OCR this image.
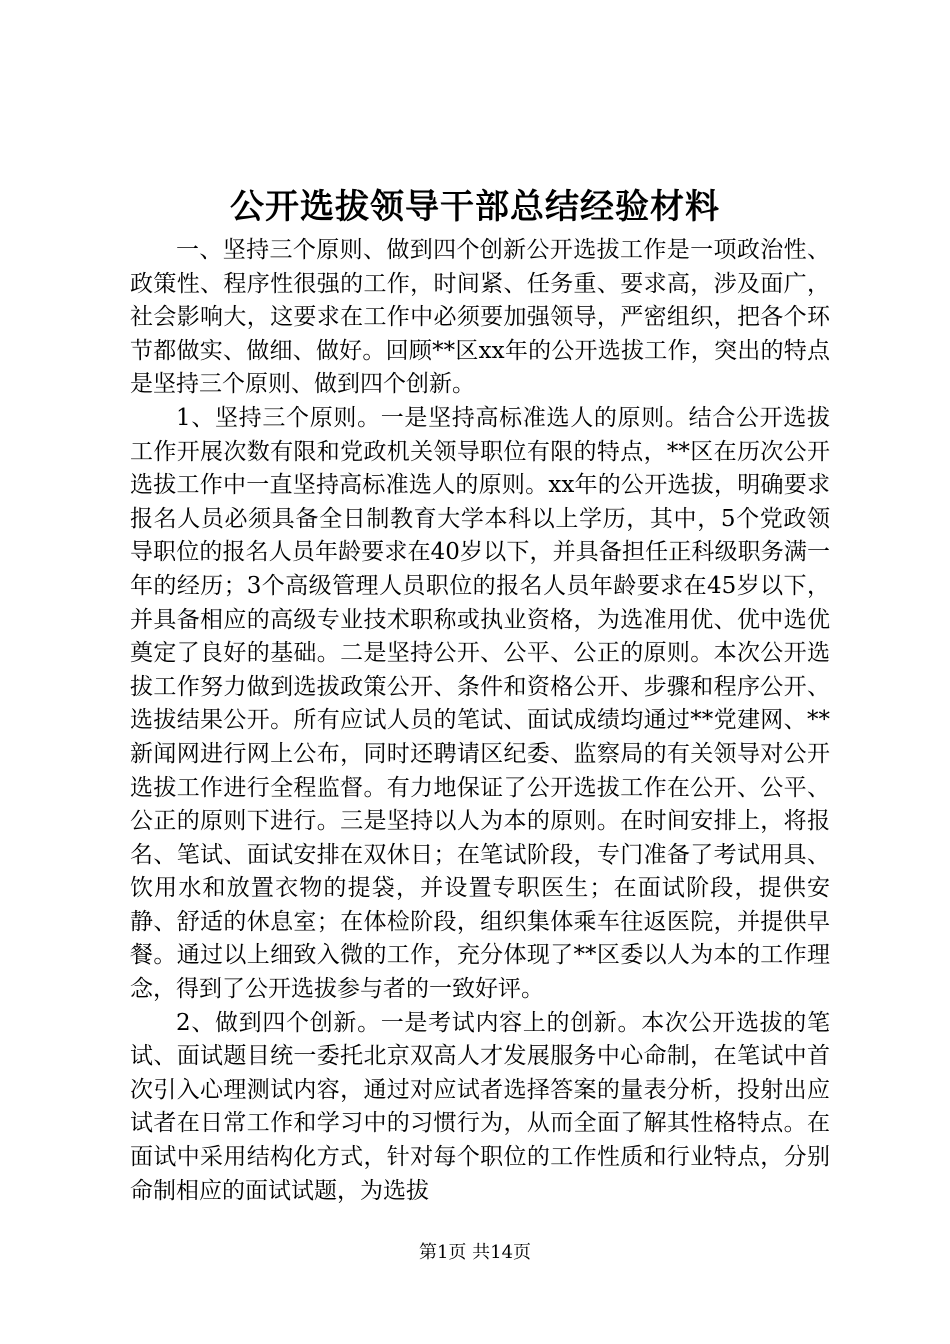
公开选拔领导干部总结经验材料

一、坚持三个原则、做到四个创新公开选拔工作是一项政治性、政策性、程序性很强的工作，时间紧、任务重、要求高，涉及面广，社会影响大，这要求在工作中必须要加强领导，严密组织，把各个环节都做实、做细、做好。回顾**区xx年的公开选拔工作，突出的特点是坚持三个原则、做到四个创新。

1、坚持三个原则。一是坚持高标准选人的原则。结合公开选拔工作开展次数有限和党政机关领导职位有限的特点，**区在历次公开选拔工作中一直坚持高标准选人的原则。xx年的公开选拔，明确要求报名人员必须具备全日制教育大学本科以上学历，其中，5个党政领导职位的报名人员年龄要求在40岁以下，并具备担任正科级职务满一年的经历；3个高级管理人员职位的报名人员年龄要求在45岁以下，并具备相应的高级专业技术职称或执业资格，为选准用优、优中选优奠定了良好的基础。二是坚持公开、公平、公正的原则。本次公开选拔工作努力做到选拔政策公开、条件和资格公开、步骤和程序公开、选拔结果公开。所有应试人员的笔试、面试成绩均通过**党建网、**新闻网进行网上公布，同时还聘请区纪委、监察局的有关领导对公开选拔工作进行全程监督。有力地保证了公开选拔工作在公开、公平、公正的原则下进行。三是坚持以人为本的原则。在时间安排上，将报名、笔试、面试安排在双休日；在笔试阶段，专门准备了考试用具、饮用水和放置衣物的提袋，并设置专职医生；在面试阶段，提供安静、舒适的休息室；在体检阶段，组织集体乘车往返医院，并提供早餐。通过以上细致入微的工作，充分体现了**区委以人为本的工作理念，得到了公开选拔参与者的一致好评。

2、做到四个创新。一是考试内容上的创新。本次公开选拔的笔试、面试题目统一委托北京双高人才发展服务中心命制，在笔试中首次引入心理测试内容，通过对应试者选择答案的量表分析，投射出应试者在日常工作和学习中的习惯行为，从而全面了解其性格特点。在面试中采用结构化方式，针对每个职位的工作性质和行业特点，分别命制相应的面试试题，为选拔

第1页 共14页
